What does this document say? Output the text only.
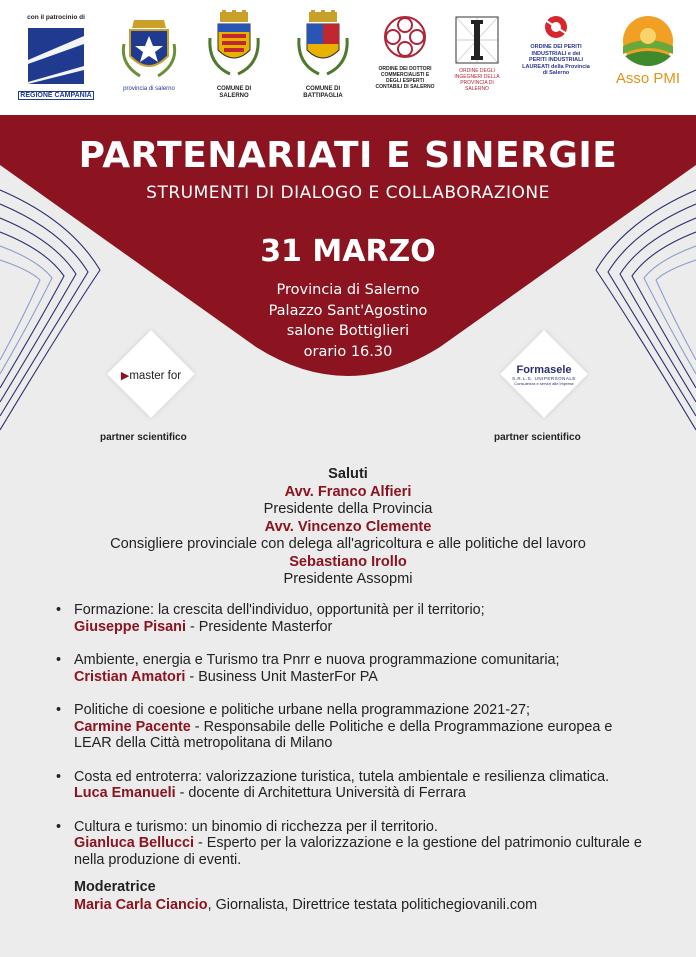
con il patrocinio di
REGIONE CAMPANIA
provincia di salerno	COMUNE DI SALERNO
COMUNE DI BATTIPAGLIA
ORDINE DEI DOTTORI COMMERCIALISTI E DEGLI ESPERTI CONTABILI DI SALERNO
ORDINE DEGLI INGEGNERI DELLA PROVINCIA DI SALERNO
ORDINE DEI PERITI INDUSTRIALI e dei PERITI INDUSTRIALI LAUREATI della Provincia di Salerno	Asso PMI
PARTENARIATI E SINERGIE
STRUMENTI DI DIALOGO E COLLABORAZIONE
31 MARZO
Provincia di Salerno
Palazzo Sant'Agostino
salone Bottiglieri
orario 16.30
▶master for
partner scientifico
Formasele
S.R.L.S. UNIPERSONALE
Consulenza e servizi alle imprese
partner scientifico
Saluti
Avv. Franco Alfieri
Presidente della Provincia
Avv. Vincenzo Clemente
Consigliere provinciale con delega all'agricoltura e alle politiche del lavoro
Sebastiano Irollo
Presidente Assopmi
• Formazione: la crescita dell'individuo, opportunità per il territorio;
Giuseppe Pisani - Presidente Masterfor
• Ambiente, energia e Turismo tra Pnrr e nuova programmazione comunitaria;
Cristian Amatori - Business Unit MasterFor PA
• Politiche di coesione e politiche urbane nella programmazione 2021-27;
Carmine Pacente - Responsabile delle Politiche e della Programmazione europea e LEAR della Città metropolitana di Milano
• Costa ed entroterra: valorizzazione turistica, tutela ambientale e resilienza climatica.
Luca Emanueli - docente di Architettura Università di Ferrara
• Cultura e turismo: un binomio di ricchezza per il territorio.
Gianluca Bellucci - Esperto per la valorizzazione e la gestione del patrimonio culturale e nella produzione di eventi.
Moderatrice
Maria Carla Ciancio, Giornalista, Direttrice testata politichegiovanili.com
